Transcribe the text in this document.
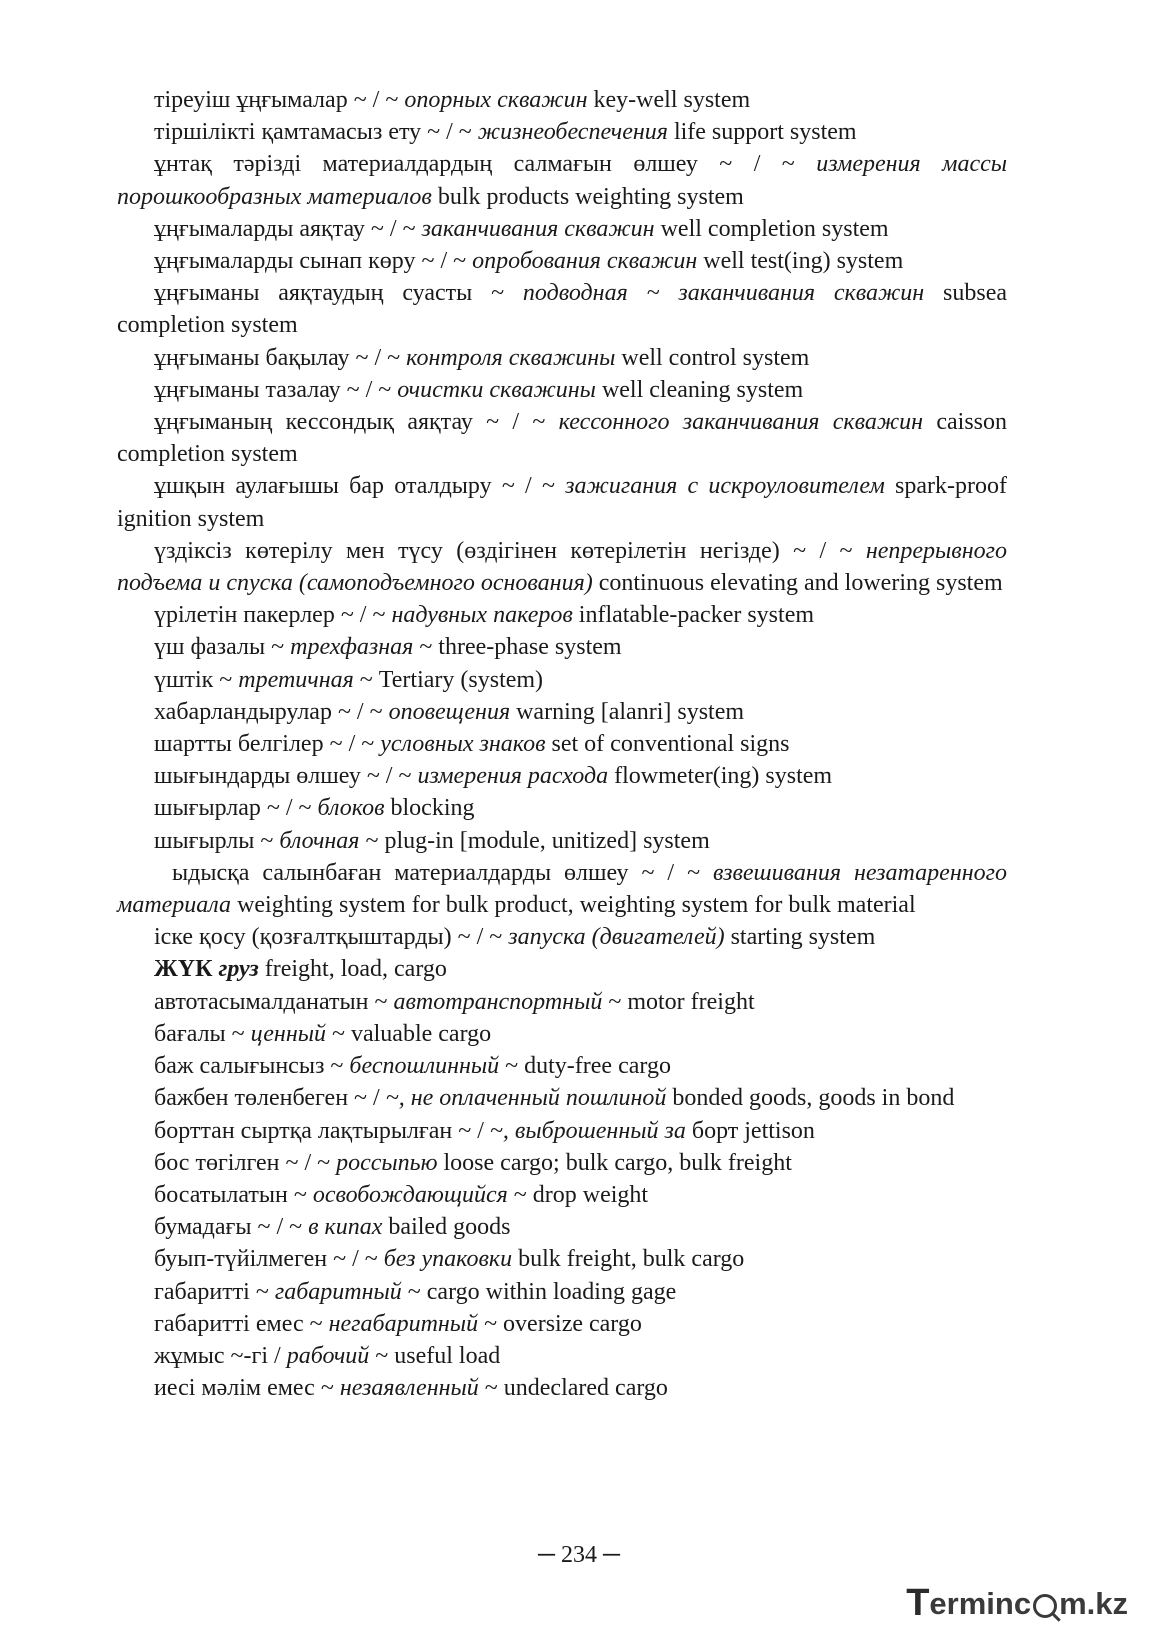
тіреуіш ұңғымалар ~ / ~ опорных скважин key-well system

тіршілікті қамтамасыз ету ~ / ~ жизнеобеспечения life support system

ұнтақ тәрізді материалдардың салмағын өлшеу ~ / ~ измерения массы порошкообразных материалов bulk products weighting system

ұңғымаларды аяқтау ~ / ~ заканчивания скважин well completion system

ұңғымаларды сынап көру ~ / ~ опробования скважин well test(ing) system

ұңғыманы аяқтаудың суасты ~ подводная ~ заканчивания скважин subsea completion system

ұңғыманы бақылау ~ / ~ контроля скважины well control system

ұңғыманы тазалау ~ / ~ очистки скважины well cleaning system

ұңғыманың кессондық аяқтау ~ / ~ кессонного заканчивания скважин caisson completion system

ұшқын аулағышы бар оталдыру ~ / ~ зажигания с искроуловителем spark-proof ignition system

үздіксіз көтерілу мен түсу (өздігінен көтерілетін негізде) ~ / ~ непрерывного подъема и спуска (самоподъемного основания) continuous elevating and lowering system

үрілетін пакерлер ~ / ~ надувных пакеров inflatable-packer system

үш фазалы ~ трехфазная ~ three-phase system

үштік ~ третичная ~ Tertiary (system)

хабарландырулар ~ / ~ оповещения warning [alanri] system

шартты белгілер ~ / ~ условных знаков set of conventional signs

шығындарды өлшеу ~ / ~ измерения расхода flowmeter(ing) system

шығырлар ~ / ~ блоков blocking

шығырлы ~ блочная ~ plug-in [module, unitized] system

ыдысқа салынбаған материалдарды өлшеу ~ / ~ взвешивания незатаренного материала weighting system for bulk product, weighting system for bulk material

іске қосу (қозғалтқыштарды) ~ / ~ запуска (двигателей) starting system

ЖҮК груз freight, load, cargo

автотасымалданатын ~ автотранспортный ~ motor freight

бағалы ~ ценный ~ valuable cargo

баж салығынсыз ~ беспошлинный ~ duty-free cargo

бажбен төленбеген ~ / ~, не оплаченный пошлиной bonded goods, goods in bond

борттан сыртқа лақтырылған ~ / ~, выброшенный за борт jettison

бос төгілген ~ / ~ россыпью loose cargo; bulk cargo, bulk freight

босатылатын ~ освобождающийся ~ drop weight

бумадағы ~ / ~ в кипах bailed goods

буып-түйілмеген ~ / ~ без упаковки bulk freight, bulk cargo

габаритті ~ габаритный ~ cargo within loading gage

габаритті емес ~ негабаритный ~ oversize cargo

жұмыс ~-гі / рабочий ~ useful load

иесі мәлім емес ~ незаявленный ~ undeclared cargo

─ 234 ─
T erminc m.kz
